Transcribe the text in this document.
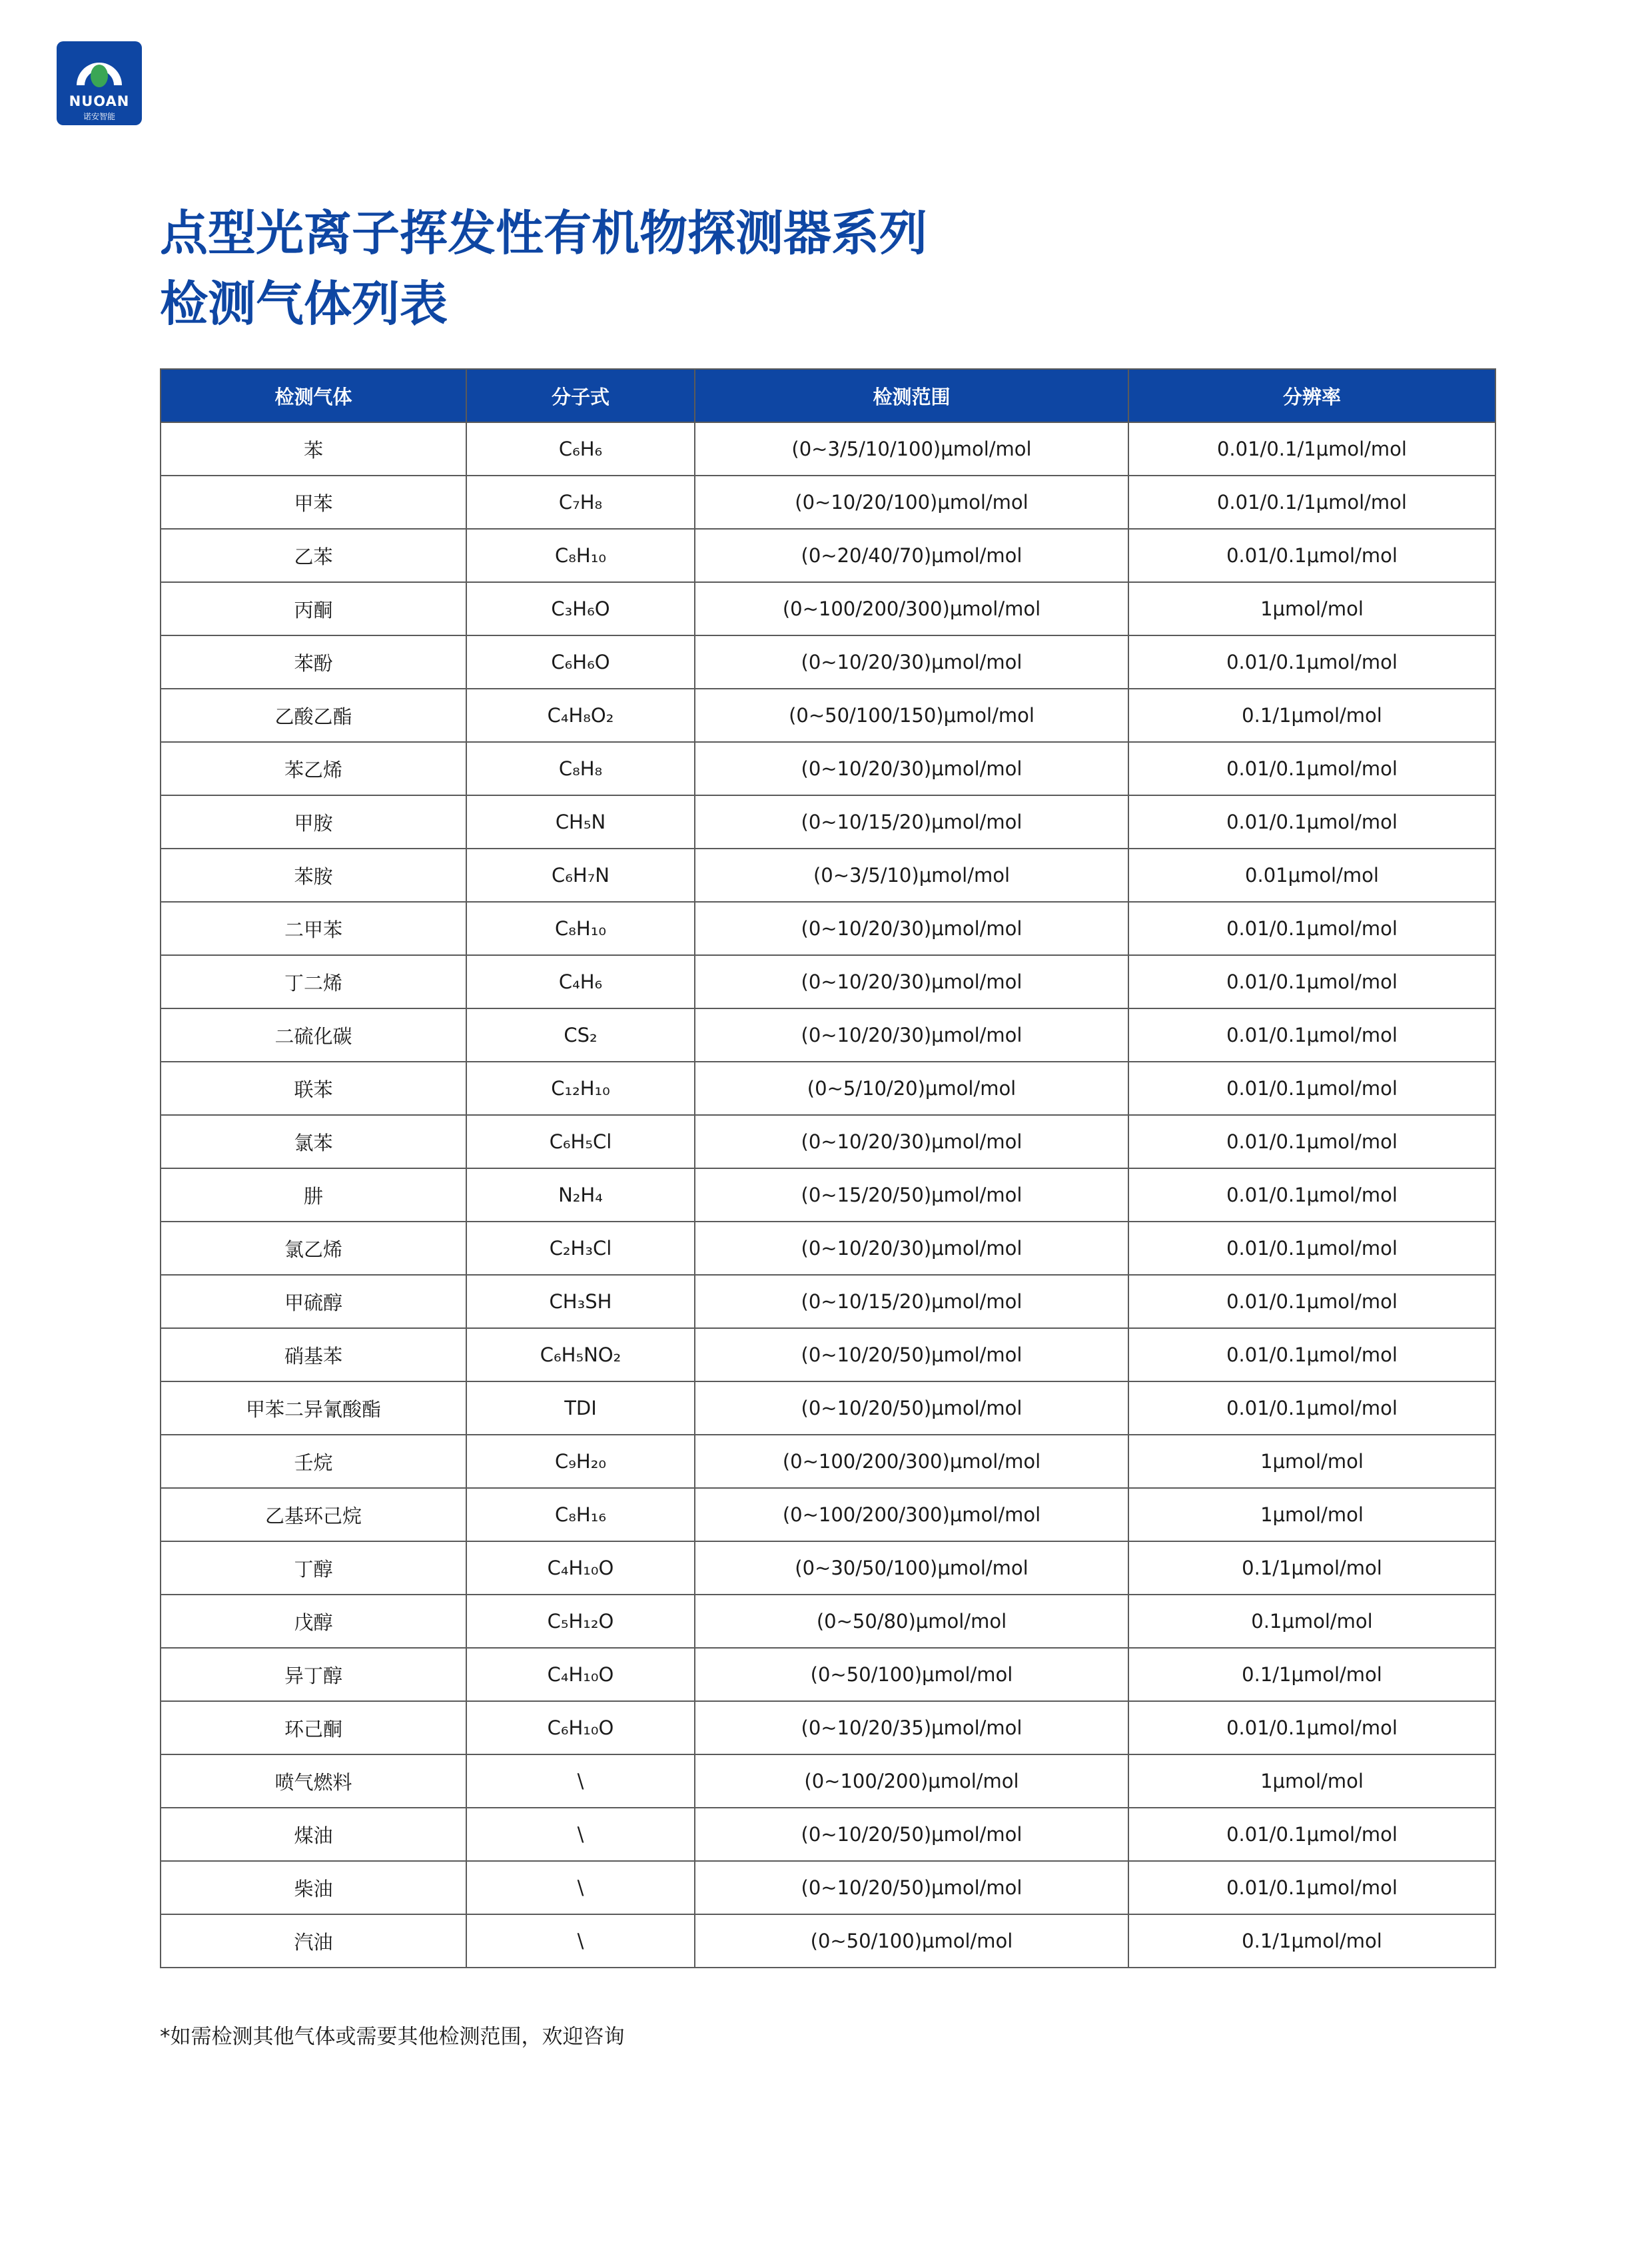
NUOAN
诺安智能
点型光离子挥发性有机物探测器系列
检测气体列表
检测气体	分子式	检测范围	分辨率
苯	C₆H₆	(0~3/5/10/100)μmol/mol	0.01/0.1/1μmol/mol
甲苯	C₇H₈	(0~10/20/100)μmol/mol	0.01/0.1/1μmol/mol
乙苯	C₈H₁₀	(0~20/40/70)μmol/mol	0.01/0.1μmol/mol
丙酮	C₃H₆O	(0~100/200/300)μmol/mol	1μmol/mol
苯酚	C₆H₆O	(0~10/20/30)μmol/mol	0.01/0.1μmol/mol
乙酸乙酯	C₄H₈O₂	(0~50/100/150)μmol/mol	0.1/1μmol/mol
苯乙烯	C₈H₈	(0~10/20/30)μmol/mol	0.01/0.1μmol/mol
甲胺	CH₅N	(0~10/15/20)μmol/mol	0.01/0.1μmol/mol
苯胺	C₆H₇N	(0~3/5/10)μmol/mol	0.01μmol/mol
二甲苯	C₈H₁₀	(0~10/20/30)μmol/mol	0.01/0.1μmol/mol
丁二烯	C₄H₆	(0~10/20/30)μmol/mol	0.01/0.1μmol/mol
二硫化碳	CS₂	(0~10/20/30)μmol/mol	0.01/0.1μmol/mol
联苯	C₁₂H₁₀	(0~5/10/20)μmol/mol	0.01/0.1μmol/mol
氯苯	C₆H₅Cl	(0~10/20/30)μmol/mol	0.01/0.1μmol/mol
肼	N₂H₄	(0~15/20/50)μmol/mol	0.01/0.1μmol/mol
氯乙烯	C₂H₃Cl	(0~10/20/30)μmol/mol	0.01/0.1μmol/mol
甲硫醇	CH₃SH	(0~10/15/20)μmol/mol	0.01/0.1μmol/mol
硝基苯	C₆H₅NO₂	(0~10/20/50)μmol/mol	0.01/0.1μmol/mol
甲苯二异氰酸酯	TDI	(0~10/20/50)μmol/mol	0.01/0.1μmol/mol
壬烷	C₉H₂₀	(0~100/200/300)μmol/mol	1μmol/mol
乙基环己烷	C₈H₁₆	(0~100/200/300)μmol/mol	1μmol/mol
丁醇	C₄H₁₀O	(0~30/50/100)μmol/mol	0.1/1μmol/mol
戊醇	C₅H₁₂O	(0~50/80)μmol/mol	0.1μmol/mol
异丁醇	C₄H₁₀O	(0~50/100)μmol/mol	0.1/1μmol/mol
环己酮	C₆H₁₀O	(0~10/20/35)μmol/mol	0.01/0.1μmol/mol
喷气燃料	\	(0~100/200)μmol/mol	1μmol/mol
煤油	\	(0~10/20/50)μmol/mol	0.01/0.1μmol/mol
柴油	\	(0~10/20/50)μmol/mol	0.01/0.1μmol/mol
汽油	\	(0~50/100)μmol/mol	0.1/1μmol/mol
*如需检测其他气体或需要其他检测范围，欢迎咨询
